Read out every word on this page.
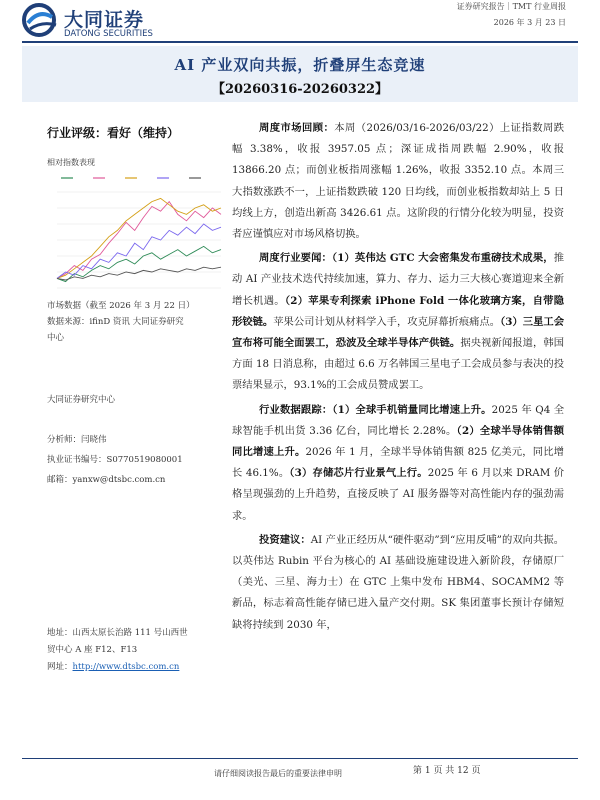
大同证券
DATONG SECURITIES
证券研究报告｜TMT 行业周报
2026 年 3 月 23 日
AI 产业双向共振，折叠屏生态竞速
【20260316-20260322】
行业评级：看好（维持）
相对指数表现
市场数据（截至 2026 年 3 月 22 日）
数据来源：ifinD 资讯 大同证券研究
中心
大同证券研究中心
分析师：闫晓伟
执业证书编号：S0770519080001
邮箱：yanxw@dtsbc.com.cn
地址：山西太原长治路 111 号山西世
贸中心 A 座 F12、F13
网址：http://www.dtsbc.com.cn

周度市场回顾：本周（2026/03/16-2026/03/22）上证指数周跌幅 3.38%，收报 3957.05 点；深证成指周跌幅 2.90%，收报 13866.20 点；而创业板指周涨幅 1.26%，收报 3352.10 点。本周三大指数涨跌不一，上证指数跌破 120 日均线，而创业板指数却站上 5 日均线上方，创造出新高 3426.61 点。这阶段的行情分化较为明显，投资者应谨慎应对市场风格切换。

周度行业要闻：（1）英伟达 GTC 大会密集发布重磅技术成果，推动 AI 产业技术迭代持续加速，算力、存力、运力三大核心赛道迎来全新增长机遇。（2）苹果专利探索 iPhone Fold 一体化玻璃方案，自带隐形铰链。苹果公司计划从材料学入手，攻克屏幕折痕痛点。（3）三星工会宣布将可能全面罢工，恐波及全球半导体产供链。据央视新闻报道，韩国方面 18 日消息称，由超过 6.6 万名韩国三星电子工会成员参与表决的投票结果显示，93.1%的工会成员赞成罢工。

行业数据跟踪：（1）全球手机销量同比增速上升。2025 年 Q4 全球智能手机出货 3.36 亿台，同比增长 2.28%。（2）全球半导体销售额同比增速上升。2026 年 1 月，全球半导体销售额 825 亿美元，同比增长 46.1%。（3）存储芯片行业景气上行。2025 年 6 月以来 DRAM 价格呈现强劲的上升趋势，直接反映了 AI 服务器等对高性能内存的强劲需求。

投资建议：AI 产业正经历从“硬件驱动”到“应用反哺”的双向共振。以英伟达 Rubin 平台为核心的 AI 基础设施建设进入新阶段，存储原厂（美光、三星、海力士）在 GTC 上集中发布 HBM4、SOCAMM2 等新品，标志着高性能存储已进入量产交付期。SK 集团董事长预计存储短缺将持续到 2030 年，

请仔细阅读报告最后的重要法律申明	第 1 页 共 12 页
